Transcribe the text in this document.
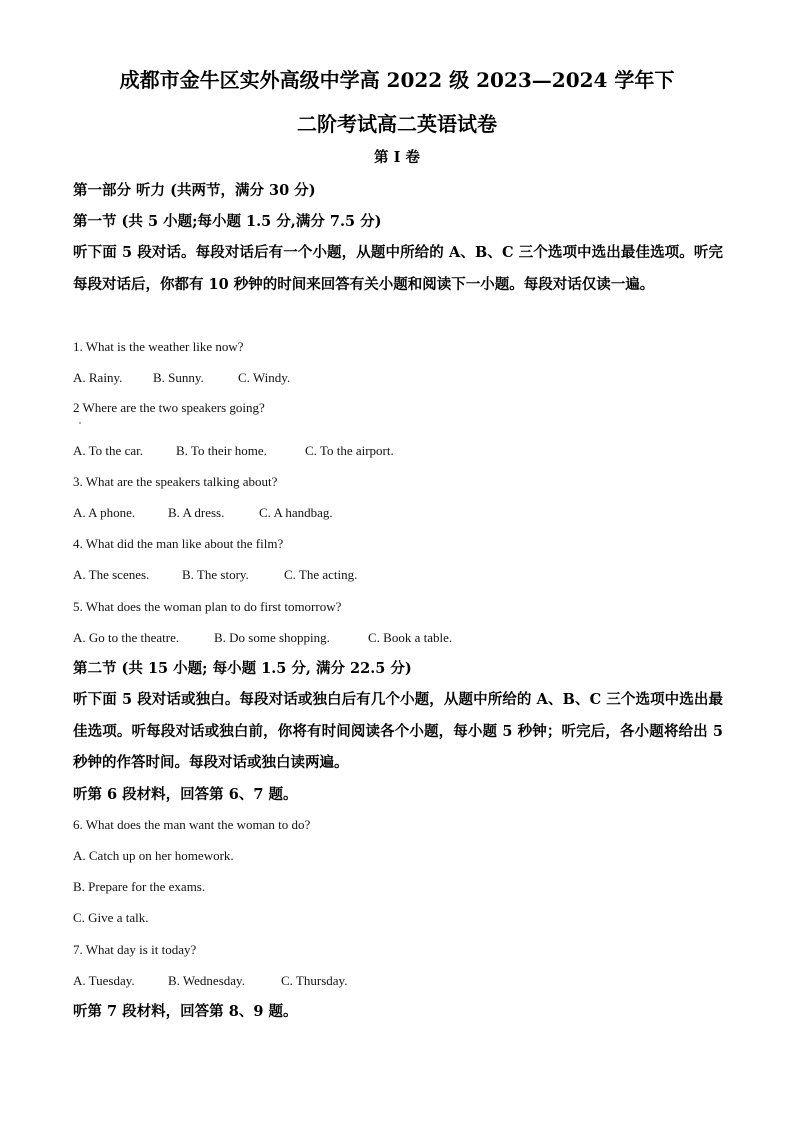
成都市金牛区实外高级中学高 2022 级 2023—2024 学年下
二阶考试高二英语试卷
第 I 卷
第一部分 听力 (共两节，满分 30 分)
第一节 (共 5 小题;每小题 1.5 分,满分 7.5 分)
听下面 5 段对话。每段对话后有一个小题，从题中所给的 A、B、C 三个选项中选出最佳选项。听完每段对话后，你都有 10 秒钟的时间来回答有关小题和阅读下一小题。每段对话仅读一遍。
1. What is the weather like now?
A. Rainy. B. Sunny.	C. Windy.
2 Where are the two speakers going?
A. To the car.	B. To their home.	C. To the airport.
3. What are the speakers talking about?
A. A phone.	B. A dress.	C. A handbag.
4. What did the man like about the film?
A. The scenes.	B. The story.	C. The acting.
5. What does the woman plan to do first tomorrow?
A. Go to the theatre.	B. Do some shopping.	C. Book a table.
第二节 (共 15 小题; 每小题 1.5 分, 满分 22.5 分)
听下面 5 段对话或独白。每段对话或独白后有几个小题，从题中所给的 A、B、C 三个选项中选出最佳选项。听每段对话或独白前，你将有时间阅读各个小题，每小题 5 秒钟；听完后，各小题将给出 5 秒钟的作答时间。每段对话或独白读两遍。
听第 6 段材料，回答第 6、7 题。
6. What does the man want the woman to do?
A. Catch up on her homework.
B. Prepare for the exams.
C. Give a talk.
7. What day is it today?
A. Tuesday.	B. Wednesday.	C. Thursday.
听第 7 段材料，回答第 8、9 题。
